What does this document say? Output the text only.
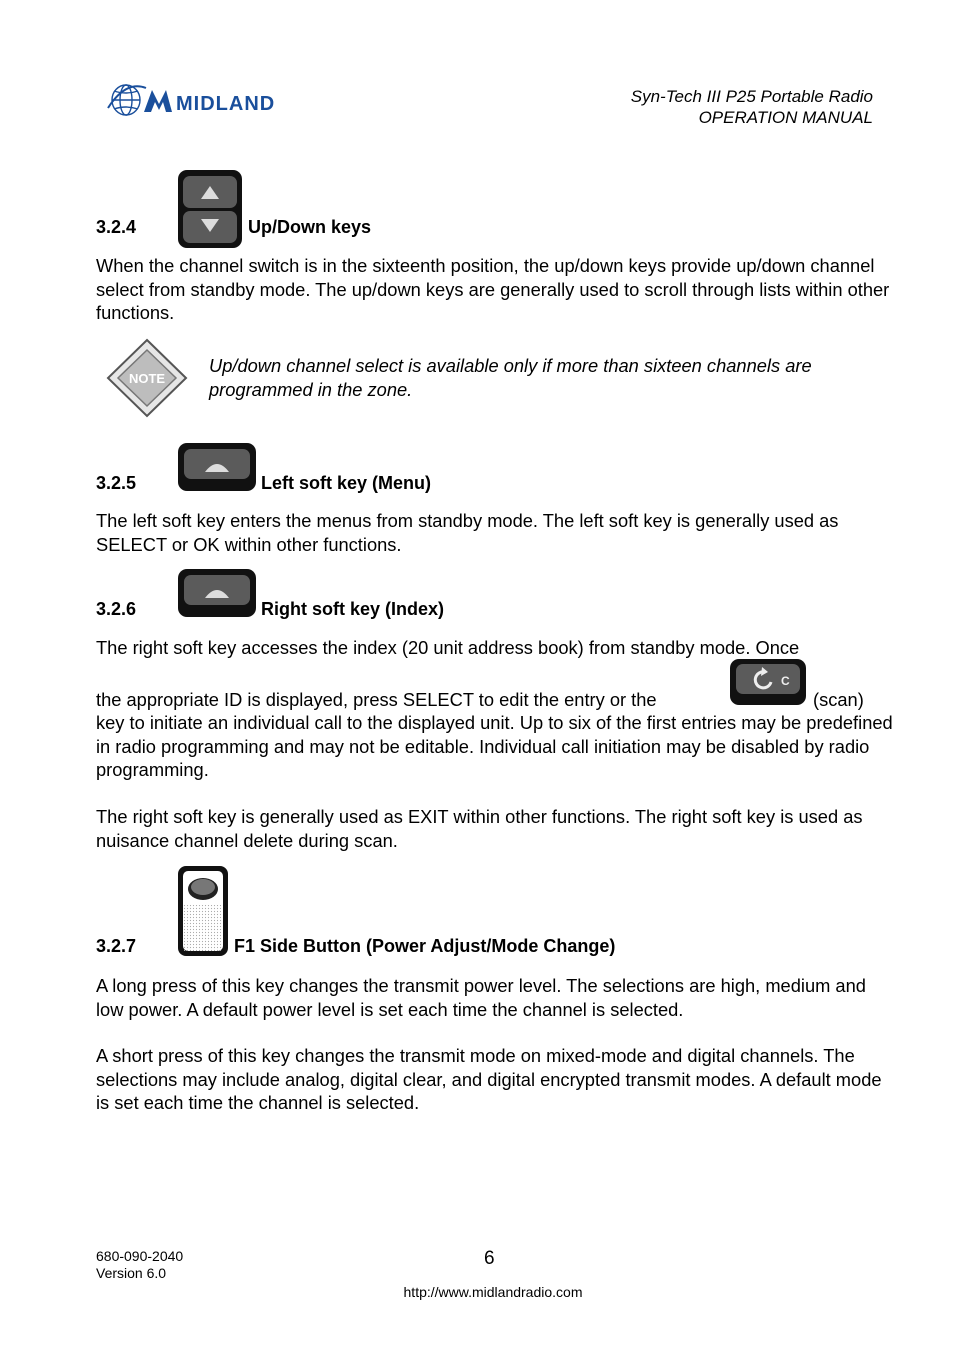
MIDLAND	Syn-Tech III P25 Portable Radio
OPERATION MANUAL
3.2.4	Up/Down keys
When the channel switch is in the sixteenth position, the up/down keys provide up/down channel select from standby mode. The up/down keys are generally used to scroll through lists within other functions.
NOTE
Up/down channel select is available only if more than sixteen channels are programmed in the zone.
3.2.5	Left soft key (Menu)
The left soft key enters the menus from standby mode. The left soft key is generally used as SELECT or OK within other functions.
3.2.6	Right soft key (Index)
The right soft key accesses the index (20 unit address book) from standby mode. Once
the appropriate ID is displayed, press SELECT to edit the entry or the
C
(scan)
key to initiate an individual call to the displayed unit. Up to six of the first entries may be predefined in radio programming and may not be editable. Individual call initiation may be disabled by radio programming.
The right soft key is generally used as EXIT within other functions. The right soft key is used as nuisance channel delete during scan.
3.2.7	F1 Side Button (Power Adjust/Mode Change)
A long press of this key changes the transmit power level. The selections are high, medium and low power. A default power level is set each time the channel is selected.
A short press of this key changes the transmit mode on mixed-mode and digital channels. The selections may include analog, digital clear, and digital encrypted transmit modes. A default mode is set each time the channel is selected.
680-090-2040
Version 6.0
6
http://www.midlandradio.com
